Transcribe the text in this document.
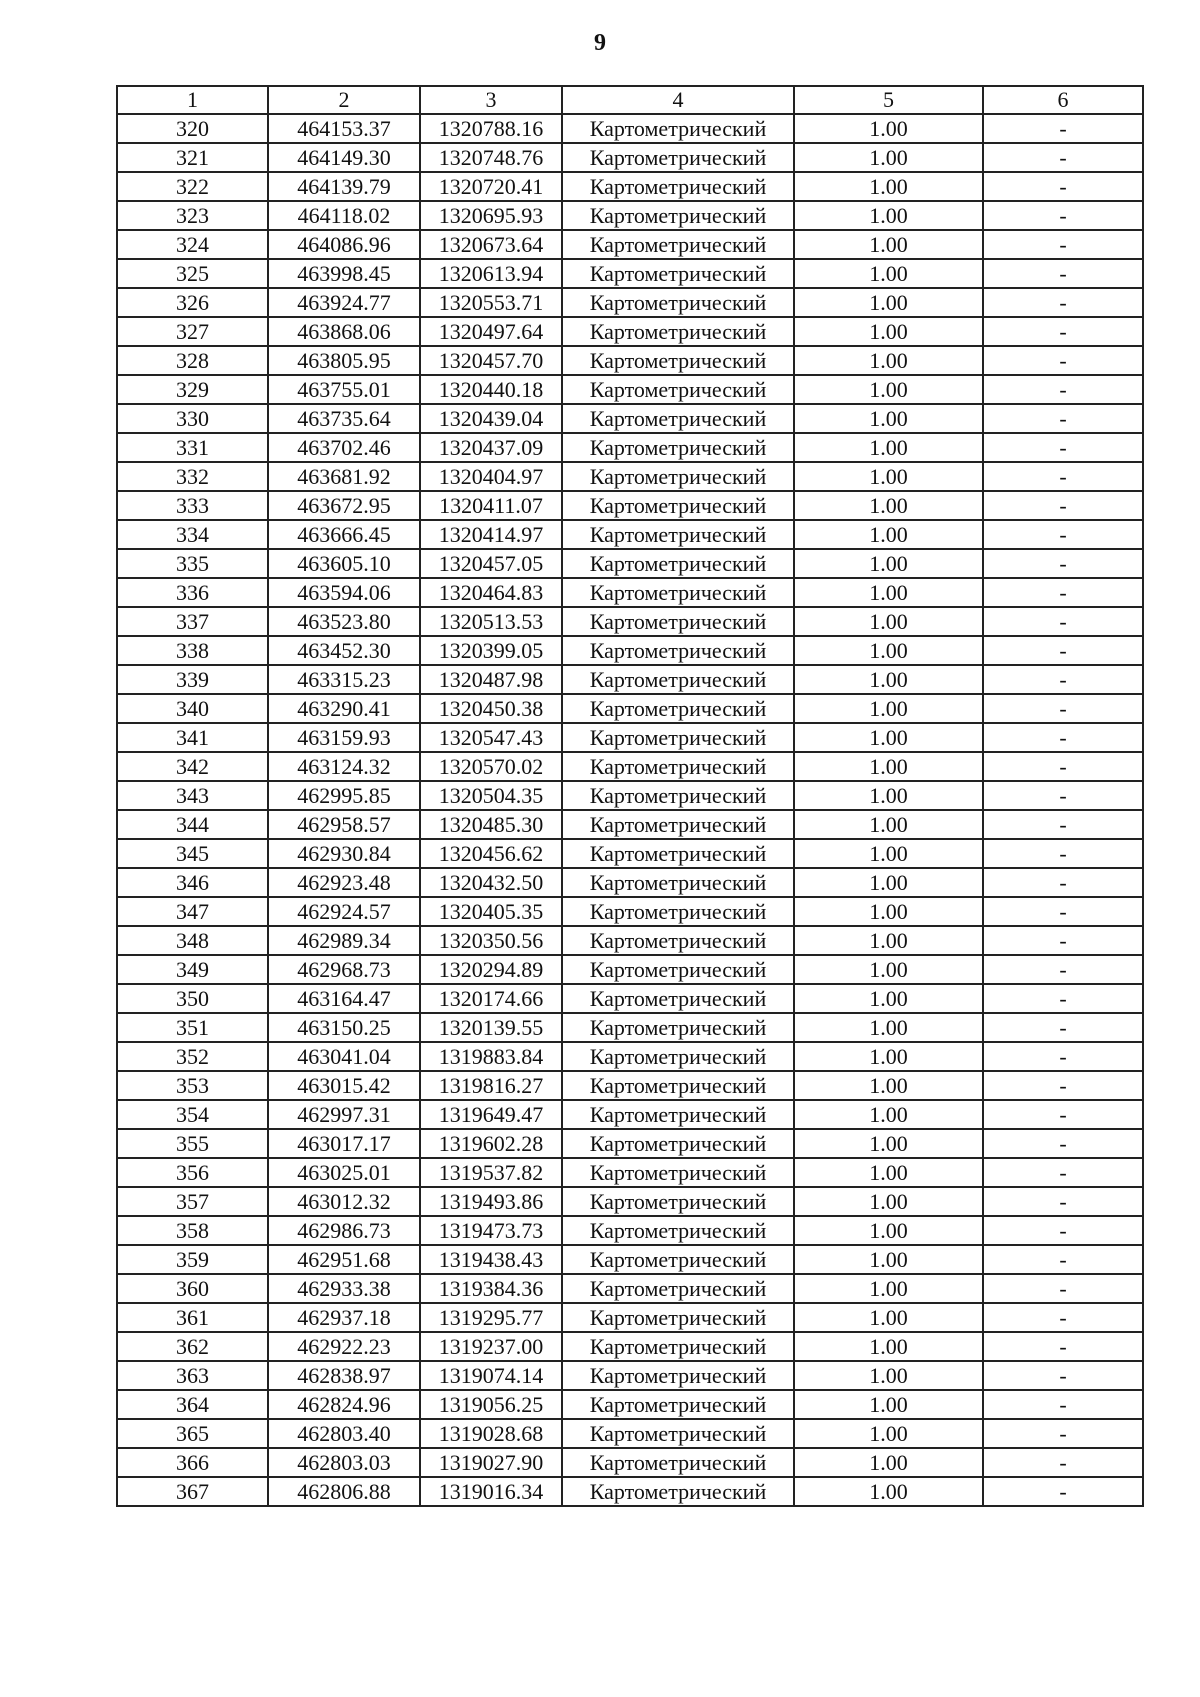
9
1	2	3	4	5	6
320	464153.37	1320788.16	Картометрический	1.00	-
321	464149.30	1320748.76	Картометрический	1.00	-
322	464139.79	1320720.41	Картометрический	1.00	-
323	464118.02	1320695.93	Картометрический	1.00	-
324	464086.96	1320673.64	Картометрический	1.00	-
325	463998.45	1320613.94	Картометрический	1.00	-
326	463924.77	1320553.71	Картометрический	1.00	-
327	463868.06	1320497.64	Картометрический	1.00	-
328	463805.95	1320457.70	Картометрический	1.00	-
329	463755.01	1320440.18	Картометрический	1.00	-
330	463735.64	1320439.04	Картометрический	1.00	-
331	463702.46	1320437.09	Картометрический	1.00	-
332	463681.92	1320404.97	Картометрический	1.00	-
333	463672.95	1320411.07	Картометрический	1.00	-
334	463666.45	1320414.97	Картометрический	1.00	-
335	463605.10	1320457.05	Картометрический	1.00	-
336	463594.06	1320464.83	Картометрический	1.00	-
337	463523.80	1320513.53	Картометрический	1.00	-
338	463452.30	1320399.05	Картометрический	1.00	-
339	463315.23	1320487.98	Картометрический	1.00	-
340	463290.41	1320450.38	Картометрический	1.00	-
341	463159.93	1320547.43	Картометрический	1.00	-
342	463124.32	1320570.02	Картометрический	1.00	-
343	462995.85	1320504.35	Картометрический	1.00	-
344	462958.57	1320485.30	Картометрический	1.00	-
345	462930.84	1320456.62	Картометрический	1.00	-
346	462923.48	1320432.50	Картометрический	1.00	-
347	462924.57	1320405.35	Картометрический	1.00	-
348	462989.34	1320350.56	Картометрический	1.00	-
349	462968.73	1320294.89	Картометрический	1.00	-
350	463164.47	1320174.66	Картометрический	1.00	-
351	463150.25	1320139.55	Картометрический	1.00	-
352	463041.04	1319883.84	Картометрический	1.00	-
353	463015.42	1319816.27	Картометрический	1.00	-
354	462997.31	1319649.47	Картометрический	1.00	-
355	463017.17	1319602.28	Картометрический	1.00	-
356	463025.01	1319537.82	Картометрический	1.00	-
357	463012.32	1319493.86	Картометрический	1.00	-
358	462986.73	1319473.73	Картометрический	1.00	-
359	462951.68	1319438.43	Картометрический	1.00	-
360	462933.38	1319384.36	Картометрический	1.00	-
361	462937.18	1319295.77	Картометрический	1.00	-
362	462922.23	1319237.00	Картометрический	1.00	-
363	462838.97	1319074.14	Картометрический	1.00	-
364	462824.96	1319056.25	Картометрический	1.00	-
365	462803.40	1319028.68	Картометрический	1.00	-
366	462803.03	1319027.90	Картометрический	1.00	-
367	462806.88	1319016.34	Картометрический	1.00	-
